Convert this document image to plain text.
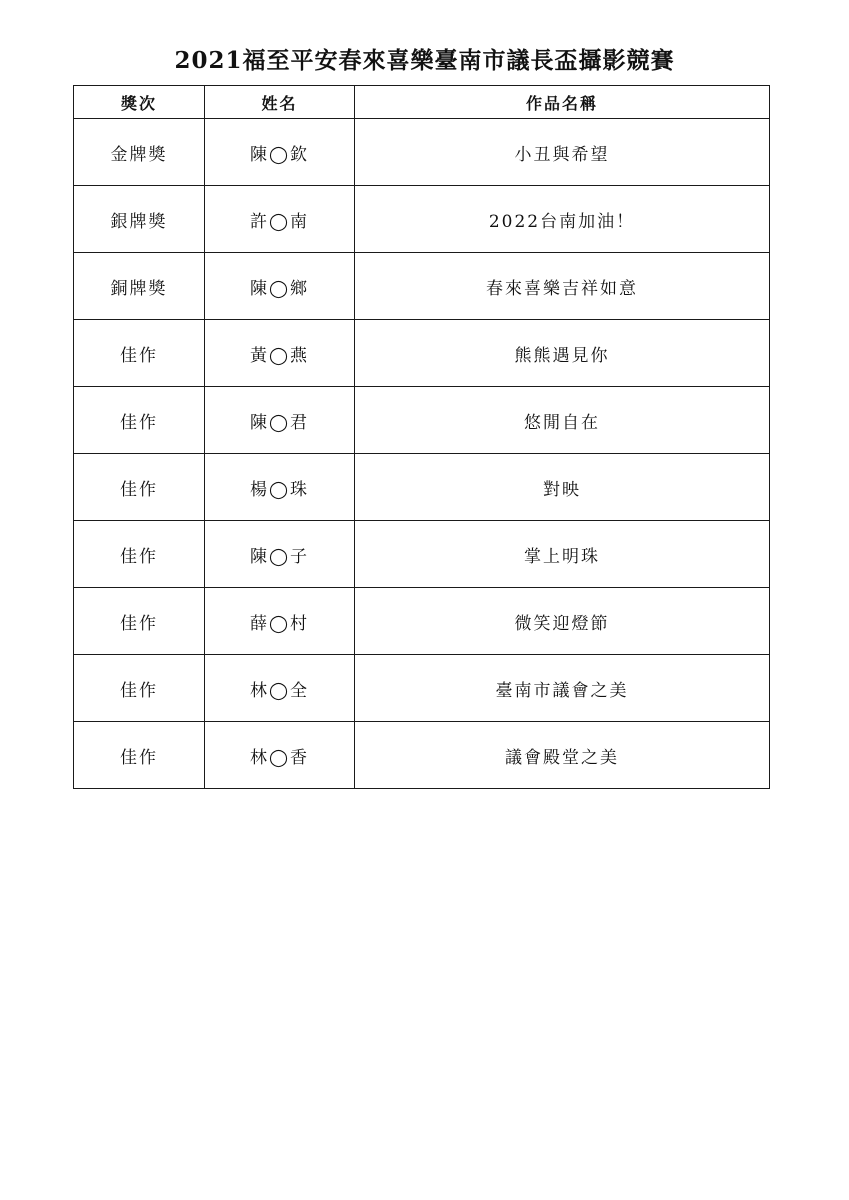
2021福至平安春來喜樂臺南市議長盃攝影競賽
獎次	姓名	作品名稱
金牌獎	陳◯欽	小丑與希望
銀牌獎	許◯南	2022台南加油！
銅牌獎	陳◯鄉	春來喜樂吉祥如意
佳作	黃◯燕	熊熊遇見你
佳作	陳◯君	悠閒自在
佳作	楊◯珠	對映
佳作	陳◯子	掌上明珠
佳作	薛◯村	微笑迎燈節
佳作	林◯全	臺南市議會之美
佳作	林◯香	議會殿堂之美
